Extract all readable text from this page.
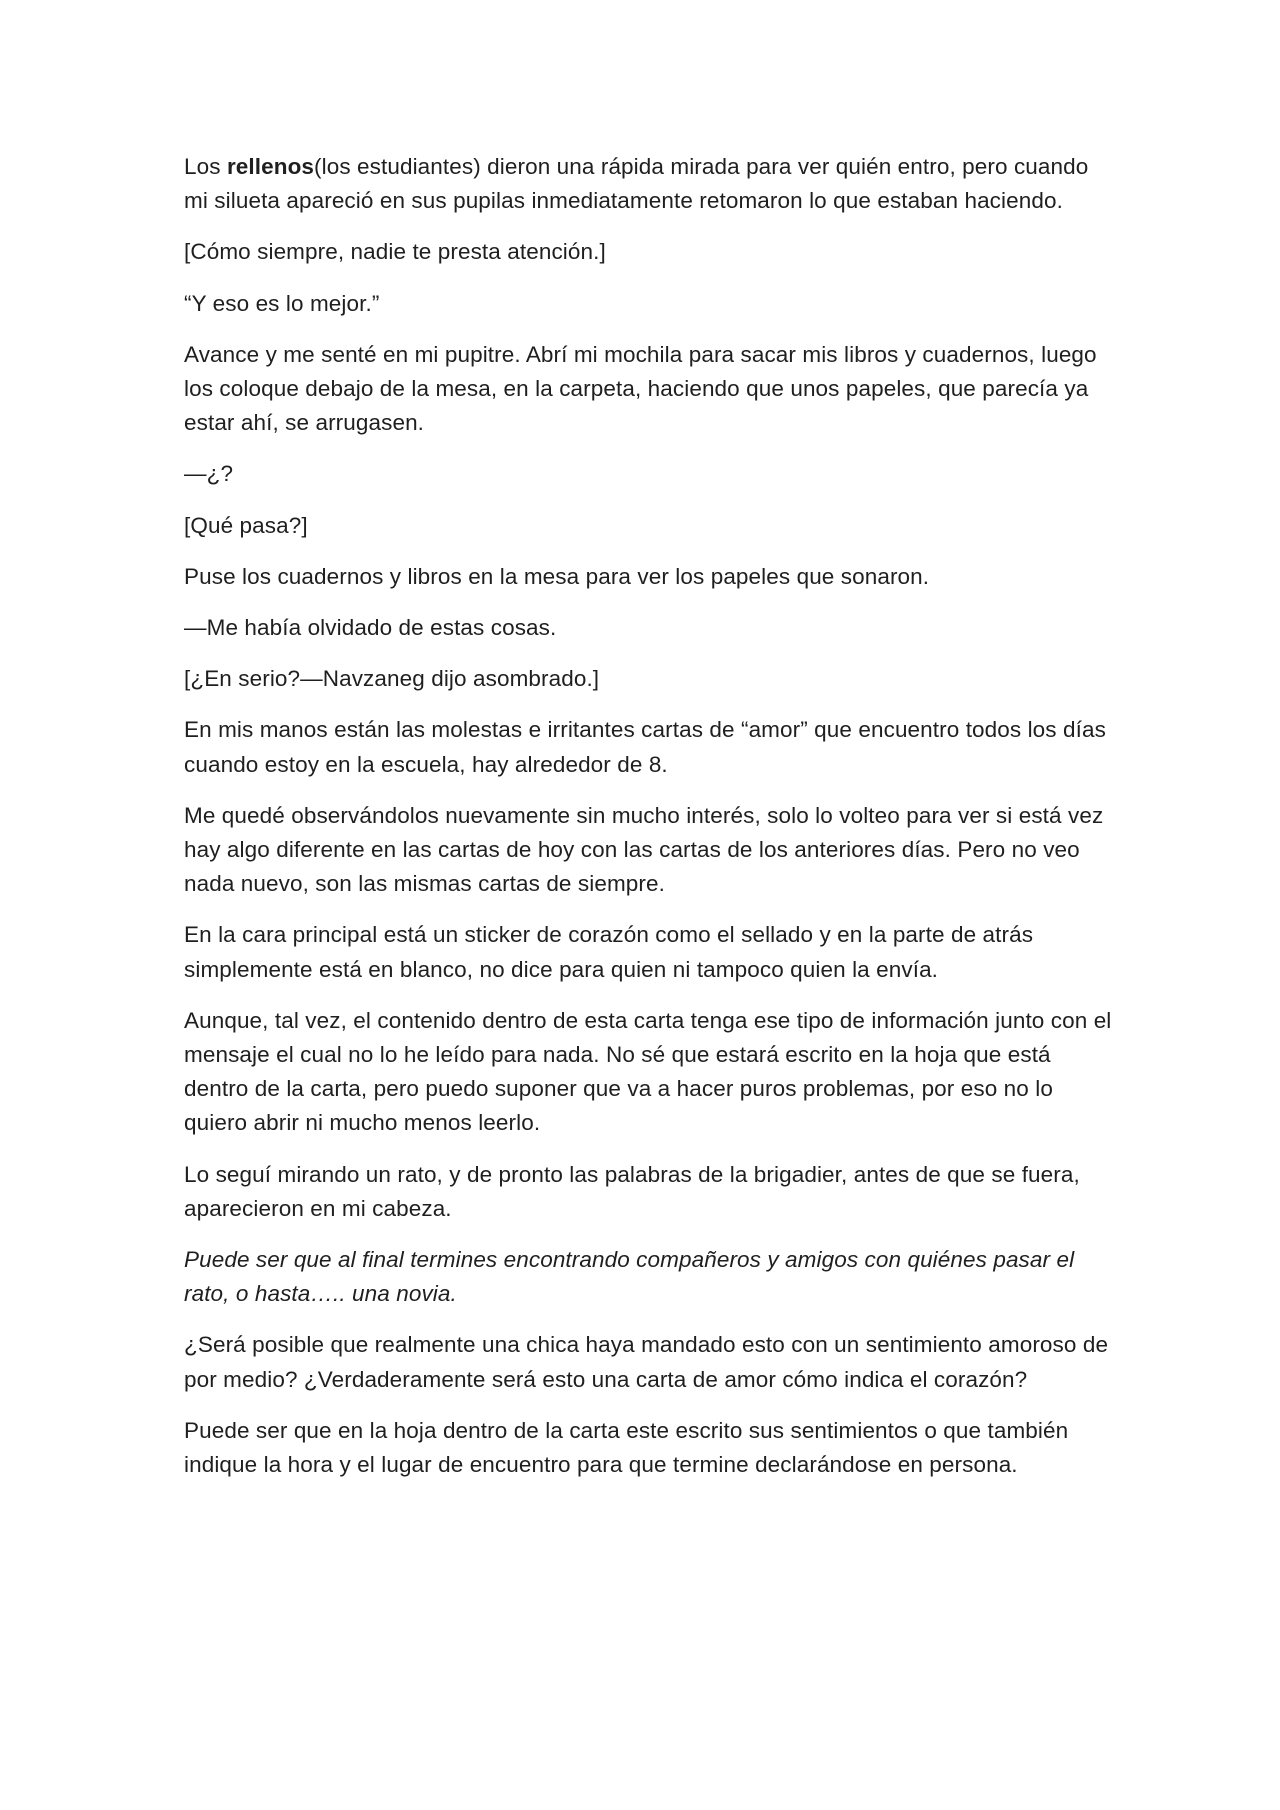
Los rellenos(los estudiantes) dieron una rápida mirada para ver quién entro, pero cuando mi silueta apareció en sus pupilas inmediatamente retomaron lo que estaban haciendo.

[Cómo siempre, nadie te presta atención.]

“Y eso es lo mejor.”

Avance y me senté en mi pupitre. Abrí mi mochila para sacar mis libros y cuadernos, luego los coloque debajo de la mesa, en la carpeta, haciendo que unos papeles, que parecía ya estar ahí, se arrugasen.

—¿?

[Qué pasa?]

Puse los cuadernos y libros en la mesa para ver los papeles que sonaron.

—Me había olvidado de estas cosas.

[¿En serio?—Navzaneg dijo asombrado.]

En mis manos están las molestas e irritantes cartas de “amor” que encuentro todos los días cuando estoy en la escuela, hay alrededor de 8.

Me quedé observándolos nuevamente sin mucho interés, solo lo volteo para ver si está vez hay algo diferente en las cartas de hoy con las cartas de los anteriores días. Pero no veo nada nuevo, son las mismas cartas de siempre.

En la cara principal está un sticker de corazón como el sellado y en la parte de atrás simplemente está en blanco, no dice para quien ni tampoco quien la envía.

Aunque, tal vez, el contenido dentro de esta carta tenga ese tipo de información junto con el mensaje el cual no lo he leído para nada. No sé que estará escrito en la hoja que está dentro de la carta, pero puedo suponer que va a hacer puros problemas, por eso no lo quiero abrir ni mucho menos leerlo.

Lo seguí mirando un rato, y de pronto las palabras de la brigadier, antes de que se fuera, aparecieron en mi cabeza.

Puede ser que al final termines encontrando compañeros y amigos con quiénes pasar el rato, o hasta….. una novia.

¿Será posible que realmente una chica haya mandado esto con un sentimiento amoroso de por medio? ¿Verdaderamente será esto una carta de amor cómo indica el corazón?

Puede ser que en la hoja dentro de la carta este escrito sus sentimientos o que también indique la hora y el lugar de encuentro para que termine declarándose en persona.
